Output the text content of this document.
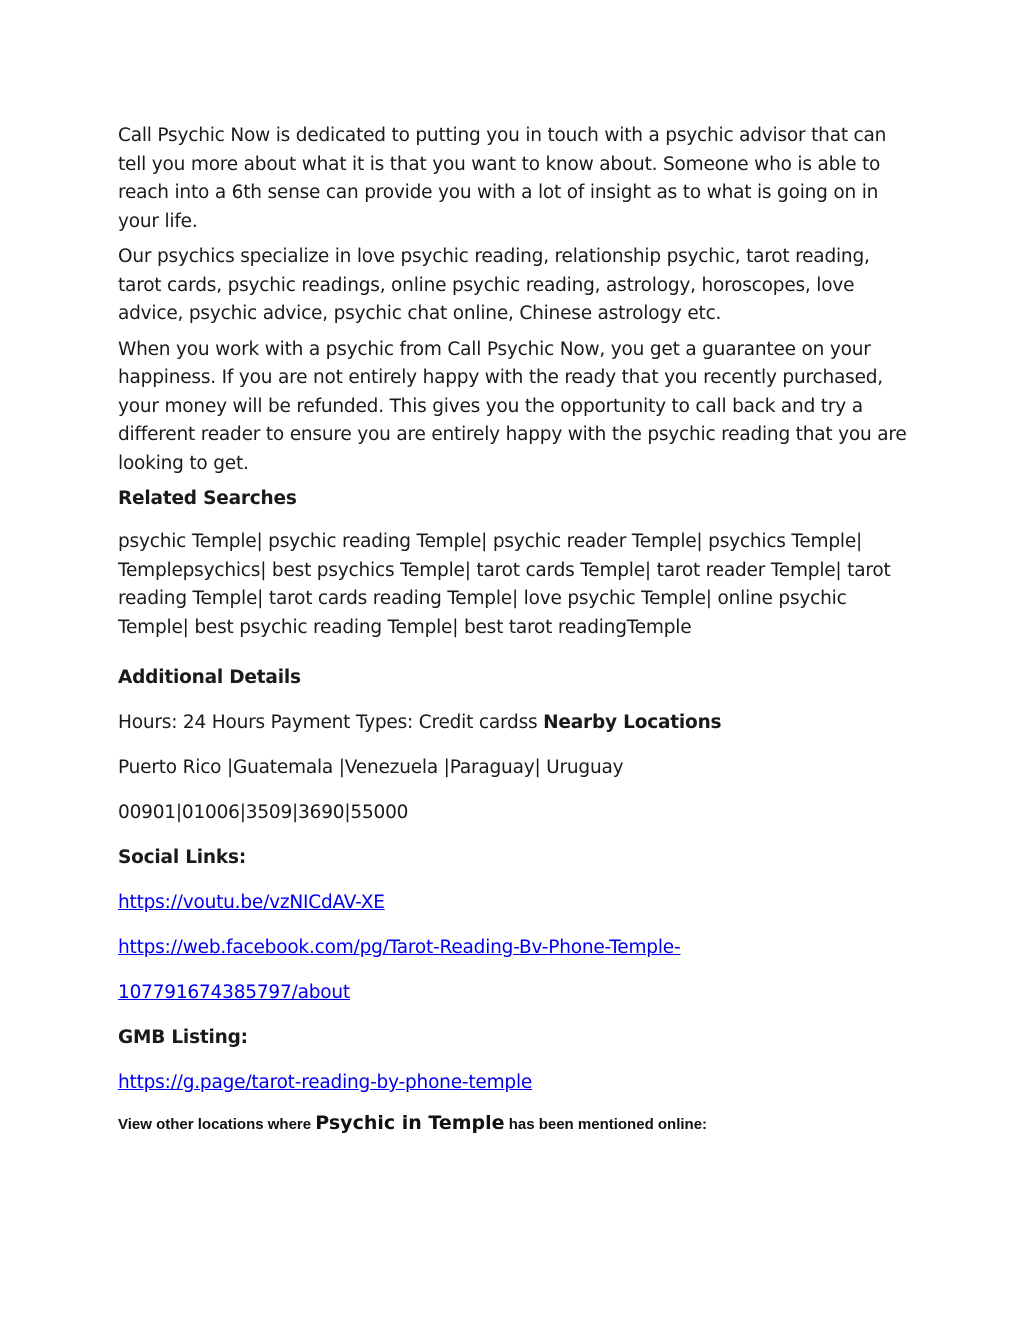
Call Psychic Now is dedicated to putting you in touch with a psychic advisor that can tell you more about what it is that you want to know about. Someone who is able to reach into a 6th sense can provide you with a lot of insight as to what is going on in your life.

Our psychics specialize in love psychic reading, relationship psychic, tarot reading, tarot cards, psychic readings, online psychic reading, astrology, horoscopes, love advice, psychic advice, psychic chat online, Chinese astrology etc.

When you work with a psychic from Call Psychic Now, you get a guarantee on your happiness. If you are not entirely happy with the ready that you recently purchased, your money will be refunded. This gives you the opportunity to call back and try a different reader to ensure you are entirely happy with the psychic reading that you are looking to get.

Related Searches

psychic Temple| psychic reading Temple| psychic reader Temple| psychics Temple| Templepsychics| best psychics Temple| tarot cards Temple| tarot reader Temple| tarot reading Temple| tarot cards reading Temple| love psychic Temple| online psychic Temple| best psychic reading Temple| best tarot readingTemple

Additional Details

Hours: 24 Hours Payment Types: Credit cardss Nearby Locations

Puerto Rico |Guatemala |Venezuela |Paraguay| Uruguay

00901|01006|3509|3690|55000

Social Links:

https://voutu.be/vzNICdAV-XE

https://web.facebook.com/pg/Tarot-Reading-Bv-Phone-Temple-

107791674385797/about

GMB Listing:

https://g.page/tarot-reading-by-phone-temple

View other locations where Psychic in Temple has been mentioned online:
